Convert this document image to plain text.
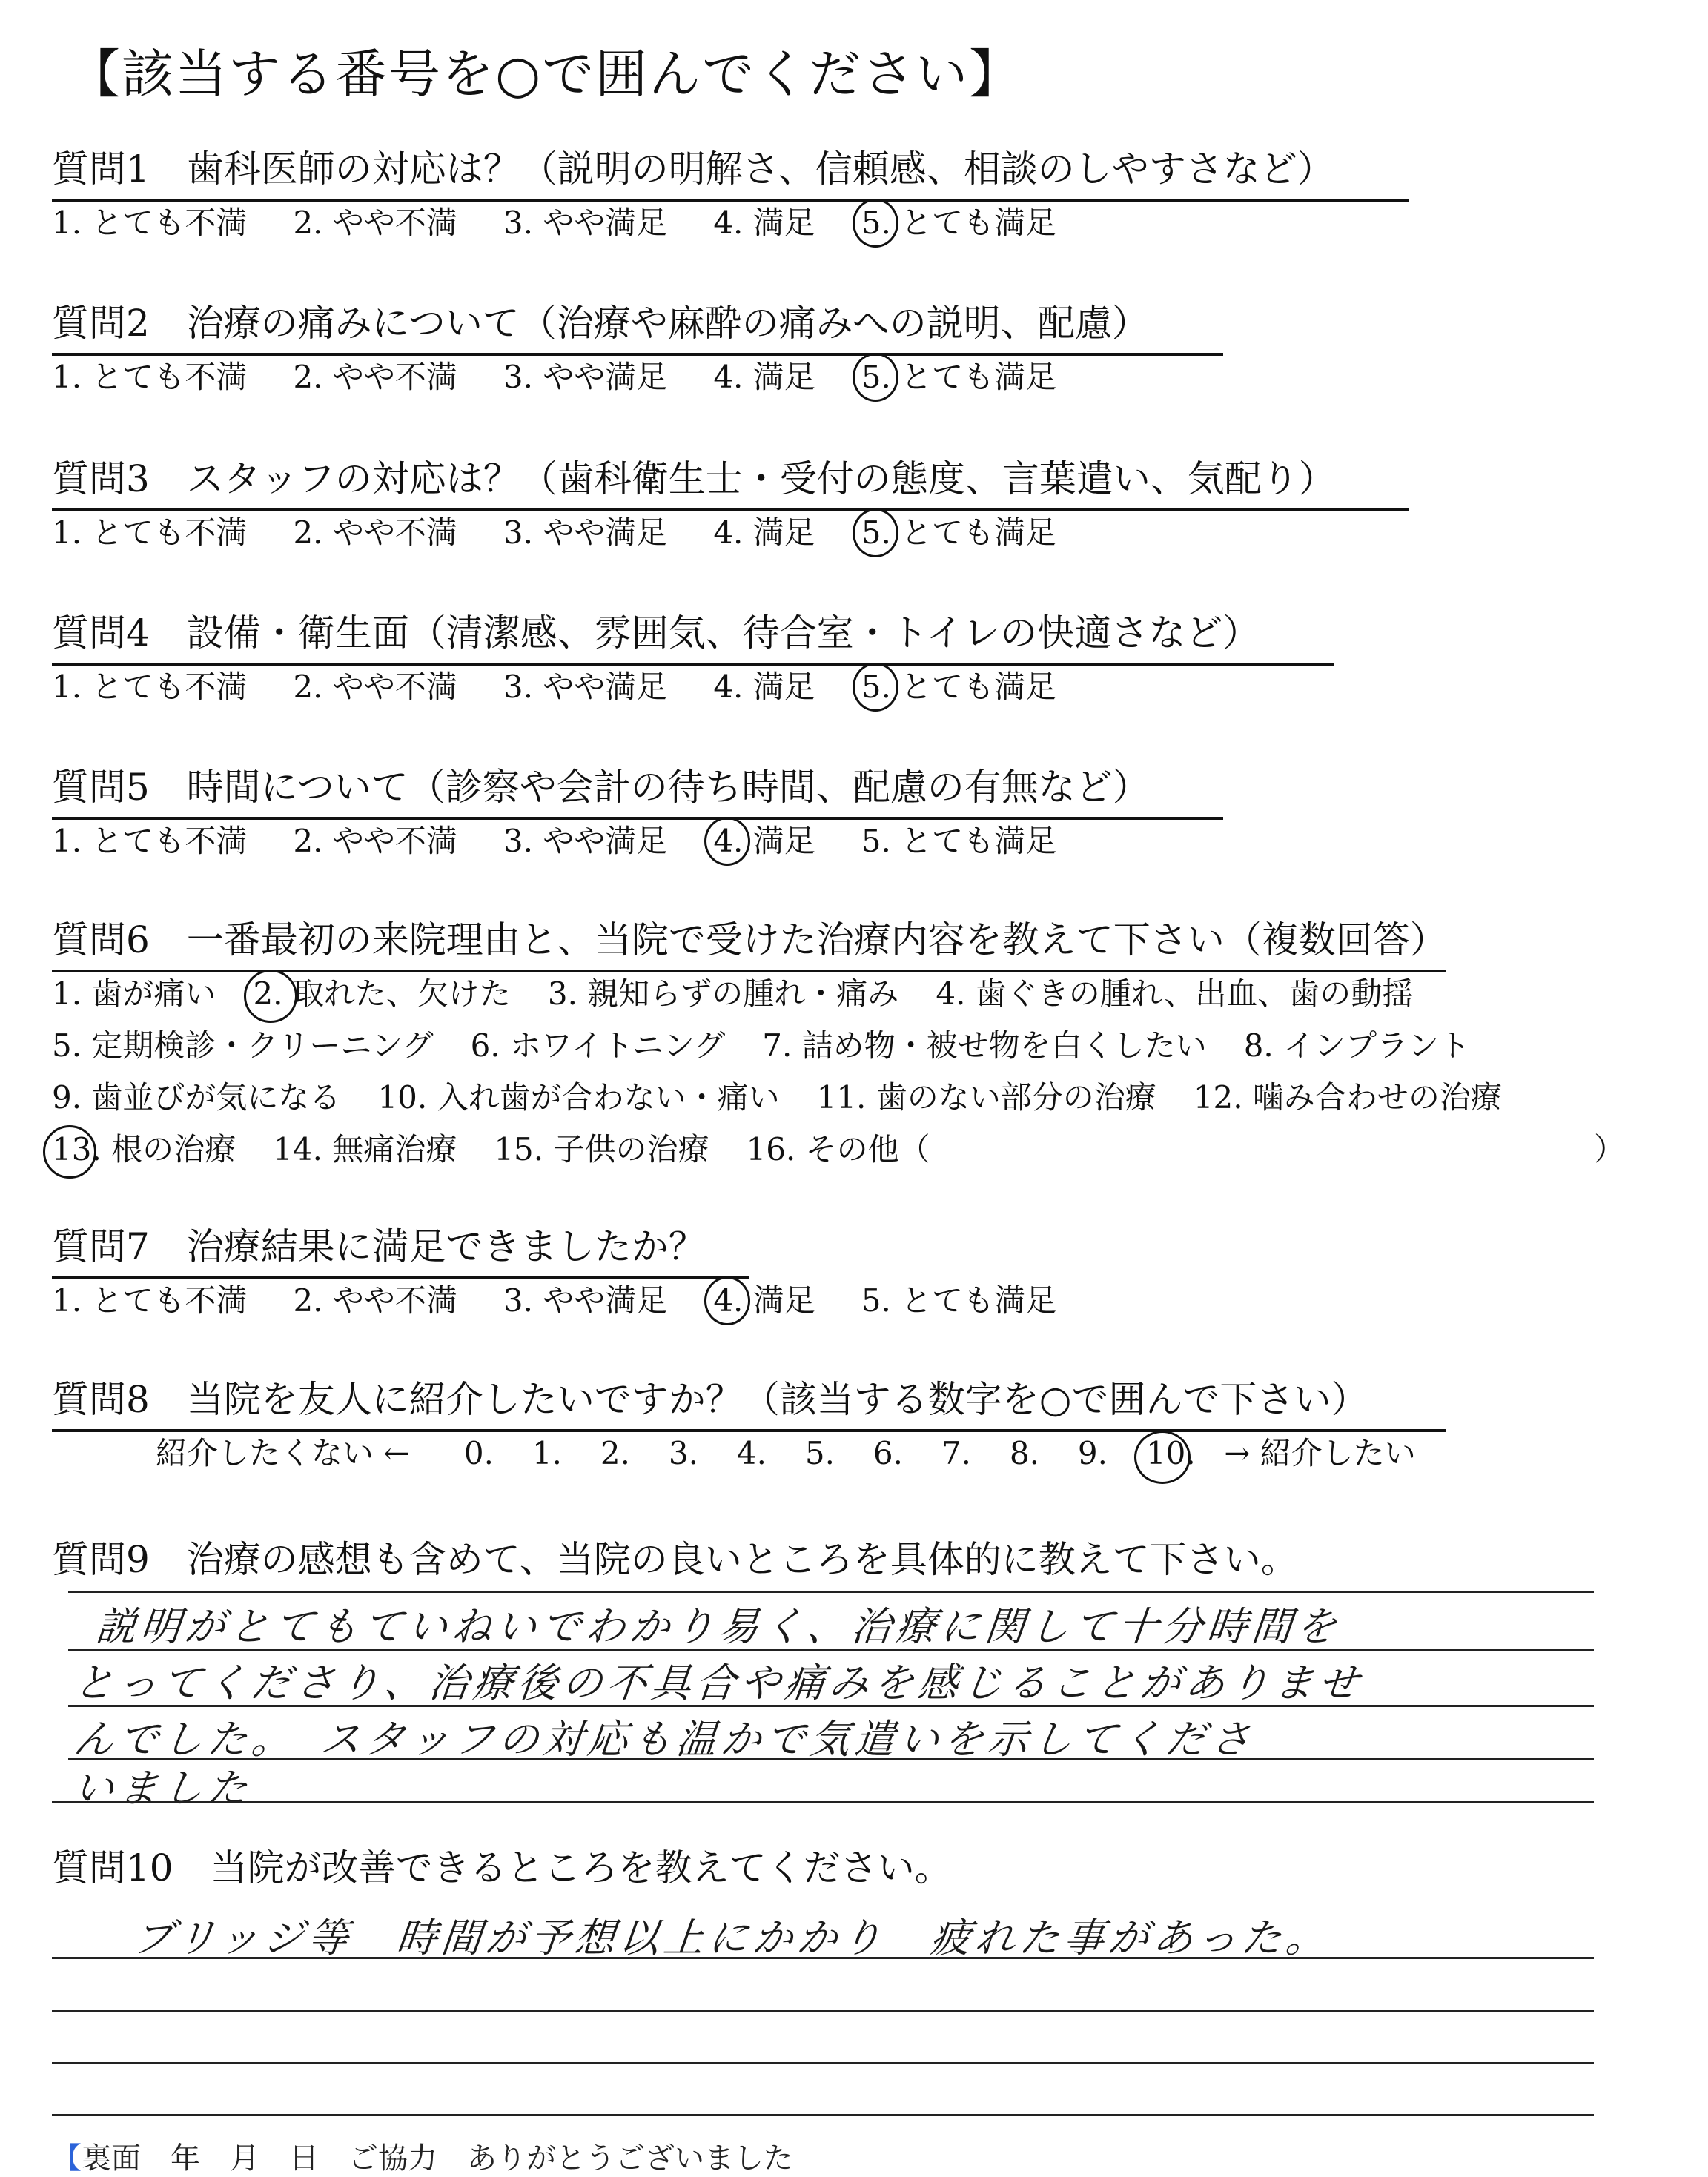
【該当する番号を○で囲んでください】
質問1　歯科医師の対応は？（説明の明解さ、信頼感、相談のしやすさなど）
1. とても不満 2. やや不満 3. やや満足 4. 満足 5.
とても満足
質問2　治療の痛みについて（治療や麻酔の痛みへの説明、配慮）
1. とても不満 2. やや不満 3. やや満足 4. 満足 5.
とても満足
質問3　スタッフの対応は？（歯科衛生士・受付の態度、言葉遣い、気配り）
1. とても不満 2. やや不満 3. やや満足 4. 満足 5.
とても満足
質問4　設備・衛生面（清潔感、雰囲気、待合室・トイレの快適さなど）
1. とても不満 2. やや不満 3. やや満足 4. 満足 5.
とても満足
質問5　時間について（診察や会計の待ち時間、配慮の有無など）
1. とても不満 2. やや不満 3. やや満足 4.
満足 5. とても満足
質問6　一番最初の来院理由と、当院で受けた治療内容を教えて下さい（複数回答）
1. 歯が痛い 2. 取れた、欠けた 3. 親知らずの腫れ・痛み 4. 歯ぐきの腫れ、出血、歯の動揺
5. 定期検診・クリーニング 6. ホワイトニング 7. 詰め物・被せ物を白くしたい 8. インプラント
9. 歯並びが気になる 10. 入れ歯が合わない・痛い 11. 歯のない部分の治療 12. 噛み合わせの治療
13. 根の治療 14. 無痛治療 15. 子供の治療 16. その他（	）
質問7　治療結果に満足できましたか？
1. とても不満 2. やや不満 3. やや満足 4.
満足 5. とても満足
質問8　当院を友人に紹介したいですか？（該当する数字を○で囲んで下さい）
紹介したくない ← 0. 1. 2. 3. 4. 5. 6. 7. 8. 9. 10. → 紹介したい
質問9　治療の感想も含めて、当院の良いところを具体的に教えて下さい。
説明がとてもていねいでわかり易く、治療に関して十分時間を
とってくださり、治療後の不具合や痛みを感じることがありませ
んでした。　スタッフの対応も温かで気遣いを示してくださ
いました
質問10　当院が改善できるところを教えてください。
ブリッジ等　時間が予想以上にかかり　疲れた事があった。
【裏面　年　月　日　ご協力　ありがとうございました
